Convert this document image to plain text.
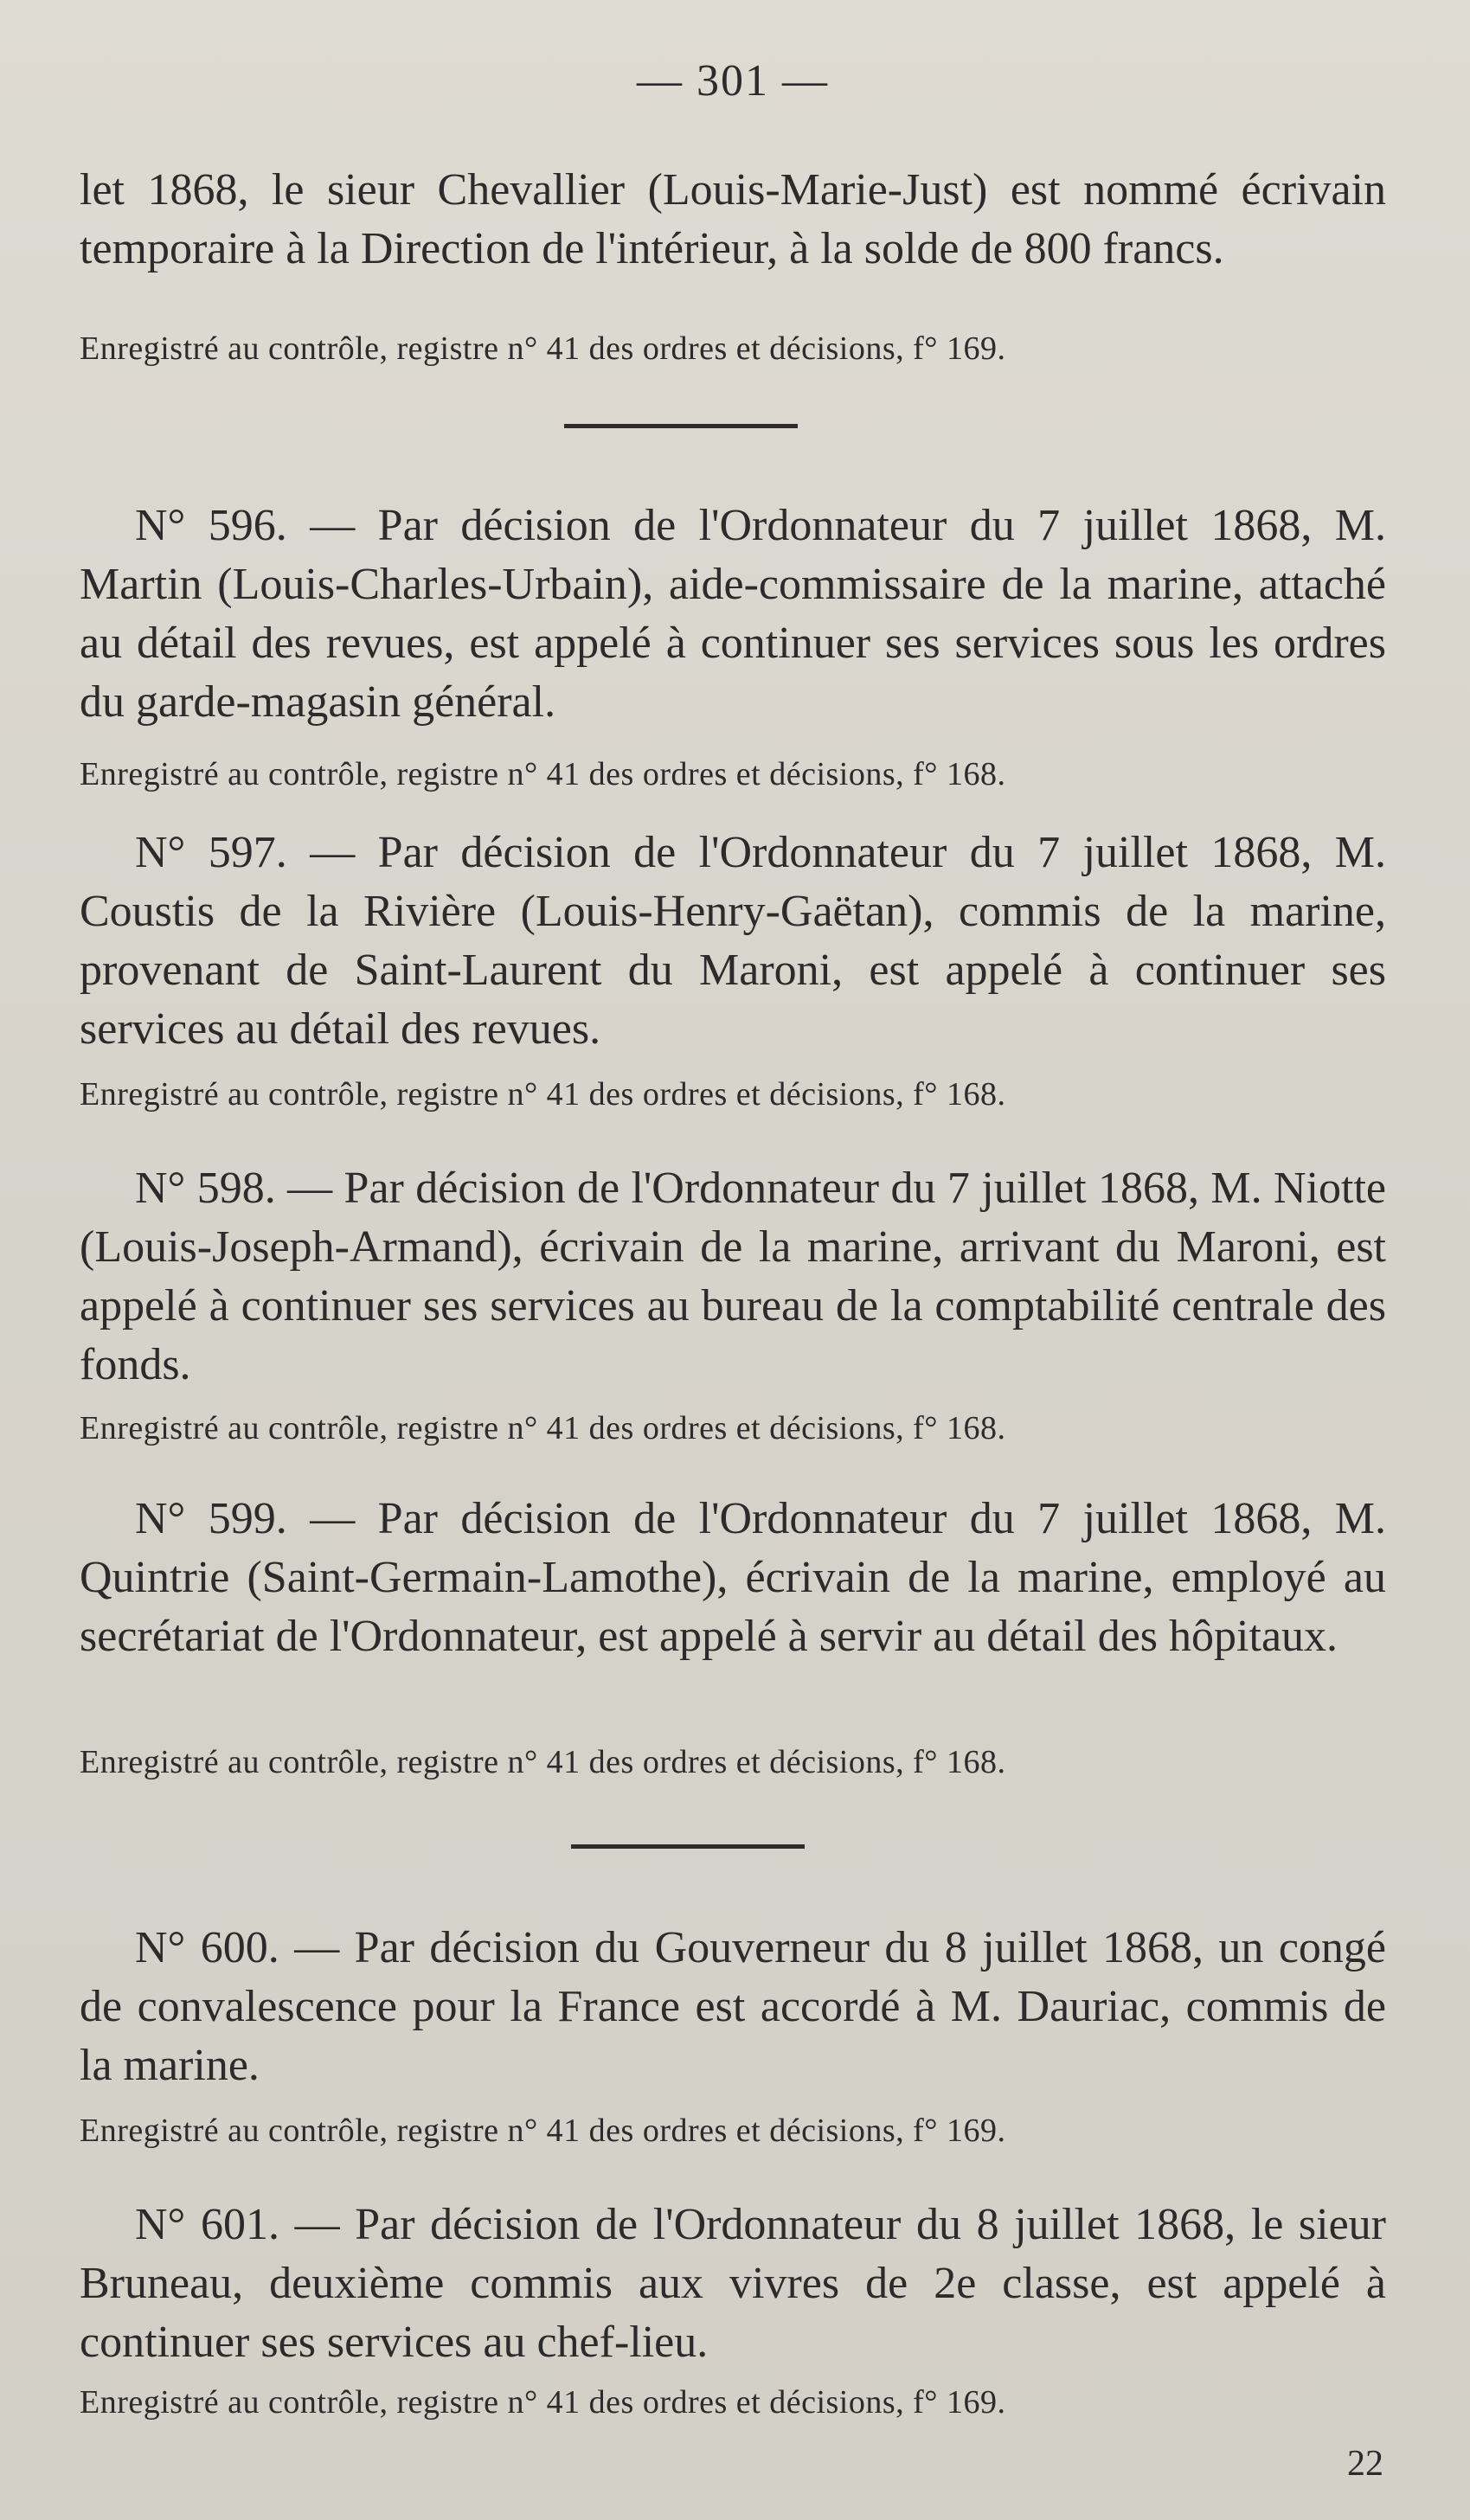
— 301 —

let 1868, le sieur Chevallier (Louis-Marie-Just) est nommé écrivain temporaire à la Direction de l'intérieur, à la solde de 800 francs.

Enregistré au contrôle, registre n° 41 des ordres et décisions, f° 169.

N° 596. — Par décision de l'Ordonnateur du 7 juillet 1868, M. Martin (Louis-Charles-Urbain), aide-commissaire de la marine, attaché au détail des revues, est appelé à continuer ses services sous les ordres du garde-magasin général.

Enregistré au contrôle, registre n° 41 des ordres et décisions, f° 168.

N° 597. — Par décision de l'Ordonnateur du 7 juillet 1868, M. Coustis de la Rivière (Louis-Henry-Gaëtan), commis de la marine, provenant de Saint-Laurent du Maroni, est appelé à continuer ses services au détail des revues.

Enregistré au contrôle, registre n° 41 des ordres et décisions, f° 168.

N° 598. — Par décision de l'Ordonnateur du 7 juillet 1868, M. Niotte (Louis-Joseph-Armand), écrivain de la marine, arrivant du Maroni, est appelé à continuer ses services au bureau de la comptabilité centrale des fonds.

Enregistré au contrôle, registre n° 41 des ordres et décisions, f° 168.

N° 599. — Par décision de l'Ordonnateur du 7 juillet 1868, M. Quintrie (Saint-Germain-Lamothe), écrivain de la marine, employé au secrétariat de l'Ordonnateur, est appelé à servir au détail des hôpitaux.

Enregistré au contrôle, registre n° 41 des ordres et décisions, f° 168.

N° 600. — Par décision du Gouverneur du 8 juillet 1868, un congé de convalescence pour la France est accordé à M. Dauriac, commis de la marine.

Enregistré au contrôle, registre n° 41 des ordres et décisions, f° 169.

N° 601. — Par décision de l'Ordonnateur du 8 juillet 1868, le sieur Bruneau, deuxième commis aux vivres de 2e classe, est appelé à continuer ses services au chef-lieu.

Enregistré au contrôle, registre n° 41 des ordres et décisions, f° 169.

22
